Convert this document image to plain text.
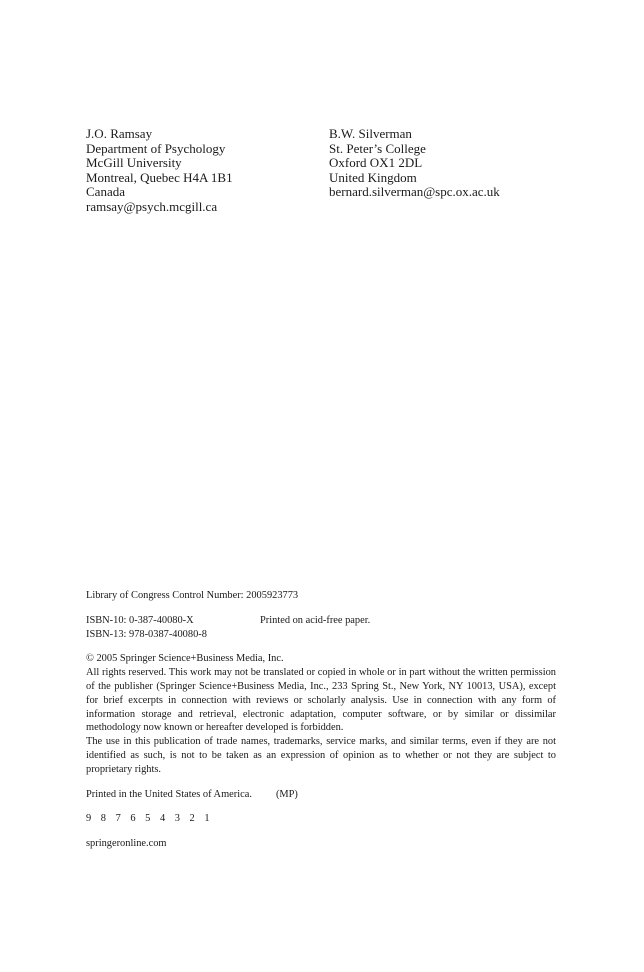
J.O. Ramsay
Department of Psychology
McGill University
Montreal, Quebec H4A 1B1
Canada
ramsay@psych.mcgill.ca
B.W. Silverman
St. Peter’s College
Oxford OX1 2DL
United Kingdom
bernard.silverman@spc.ox.ac.uk

Library of Congress Control Number: 2005923773

ISBN-10: 0-387-40080-X	Printed on acid-free paper.

ISBN-13: 978-0387-40080-8

© 2005 Springer Science+Business Media, Inc.

All rights reserved. This work may not be translated or copied in whole or in part without the written permission of the publisher (Springer Science+Business Media, Inc., 233 Spring St., New York, NY 10013, USA), except for brief excerpts in connection with reviews or scholarly analysis. Use in connection with any form of information storage and retrieval, electronic adaptation, computer software, or by similar or dissimilar methodology now known or hereafter developed is forbidden.

The use in this publication of trade names, trademarks, service marks, and similar terms, even if they are not identified as such, is not to be taken as an expression of opinion as to whether or not they are subject to proprietary rights.

Printed in the United States of America. (MP)

9 8 7 6 5 4 3 2 1

springeronline.com
